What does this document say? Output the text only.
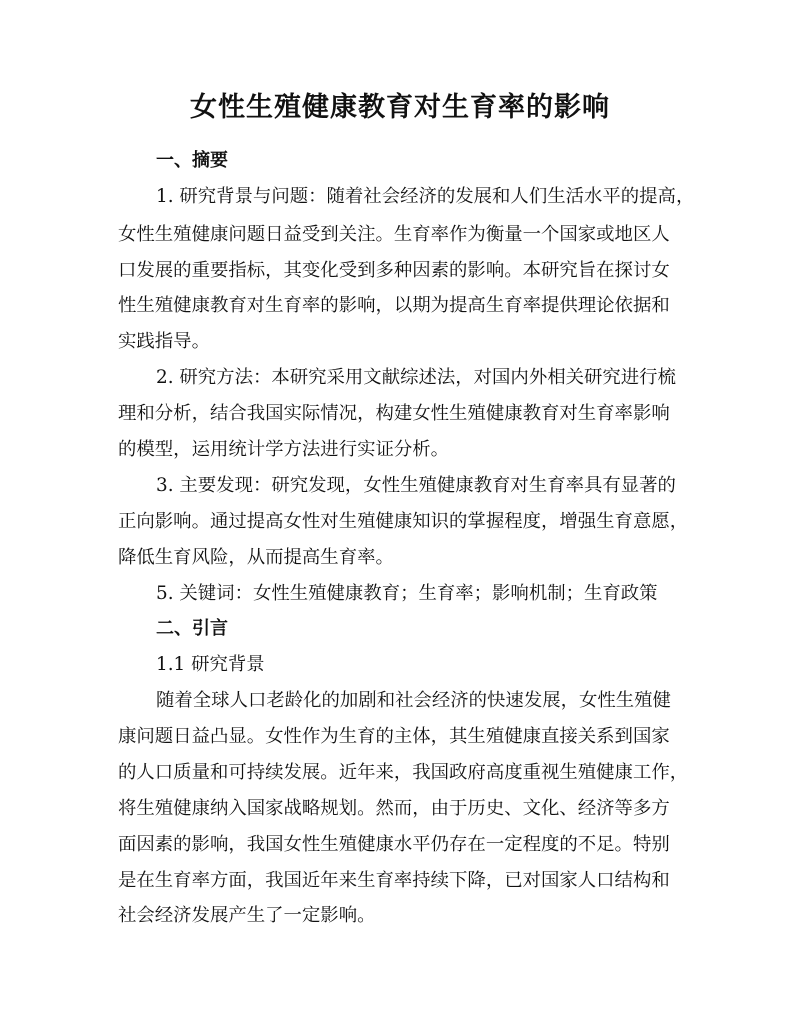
女性生殖健康教育对生育率的影响
一、摘要
1. 研究背景与问题：随着社会经济的发展和人们生活水平的提高，
女性生殖健康问题日益受到关注。生育率作为衡量一个国家或地区人
口发展的重要指标，其变化受到多种因素的影响。本研究旨在探讨女
性生殖健康教育对生育率的影响，以期为提高生育率提供理论依据和
实践指导。
2. 研究方法：本研究采用文献综述法，对国内外相关研究进行梳
理和分析，结合我国实际情况，构建女性生殖健康教育对生育率影响
的模型，运用统计学方法进行实证分析。
3. 主要发现：研究发现，女性生殖健康教育对生育率具有显著的
正向影响。通过提高女性对生殖健康知识的掌握程度，增强生育意愿，
降低生育风险，从而提高生育率。
5. 关键词：女性生殖健康教育；生育率；影响机制；生育政策
二、引言
1.1 研究背景
随着全球人口老龄化的加剧和社会经济的快速发展，女性生殖健
康问题日益凸显。女性作为生育的主体，其生殖健康直接关系到国家
的人口质量和可持续发展。近年来，我国政府高度重视生殖健康工作，
将生殖健康纳入国家战略规划。然而，由于历史、文化、经济等多方
面因素的影响，我国女性生殖健康水平仍存在一定程度的不足。特别
是在生育率方面，我国近年来生育率持续下降，已对国家人口结构和
社会经济发展产生了一定影响。
